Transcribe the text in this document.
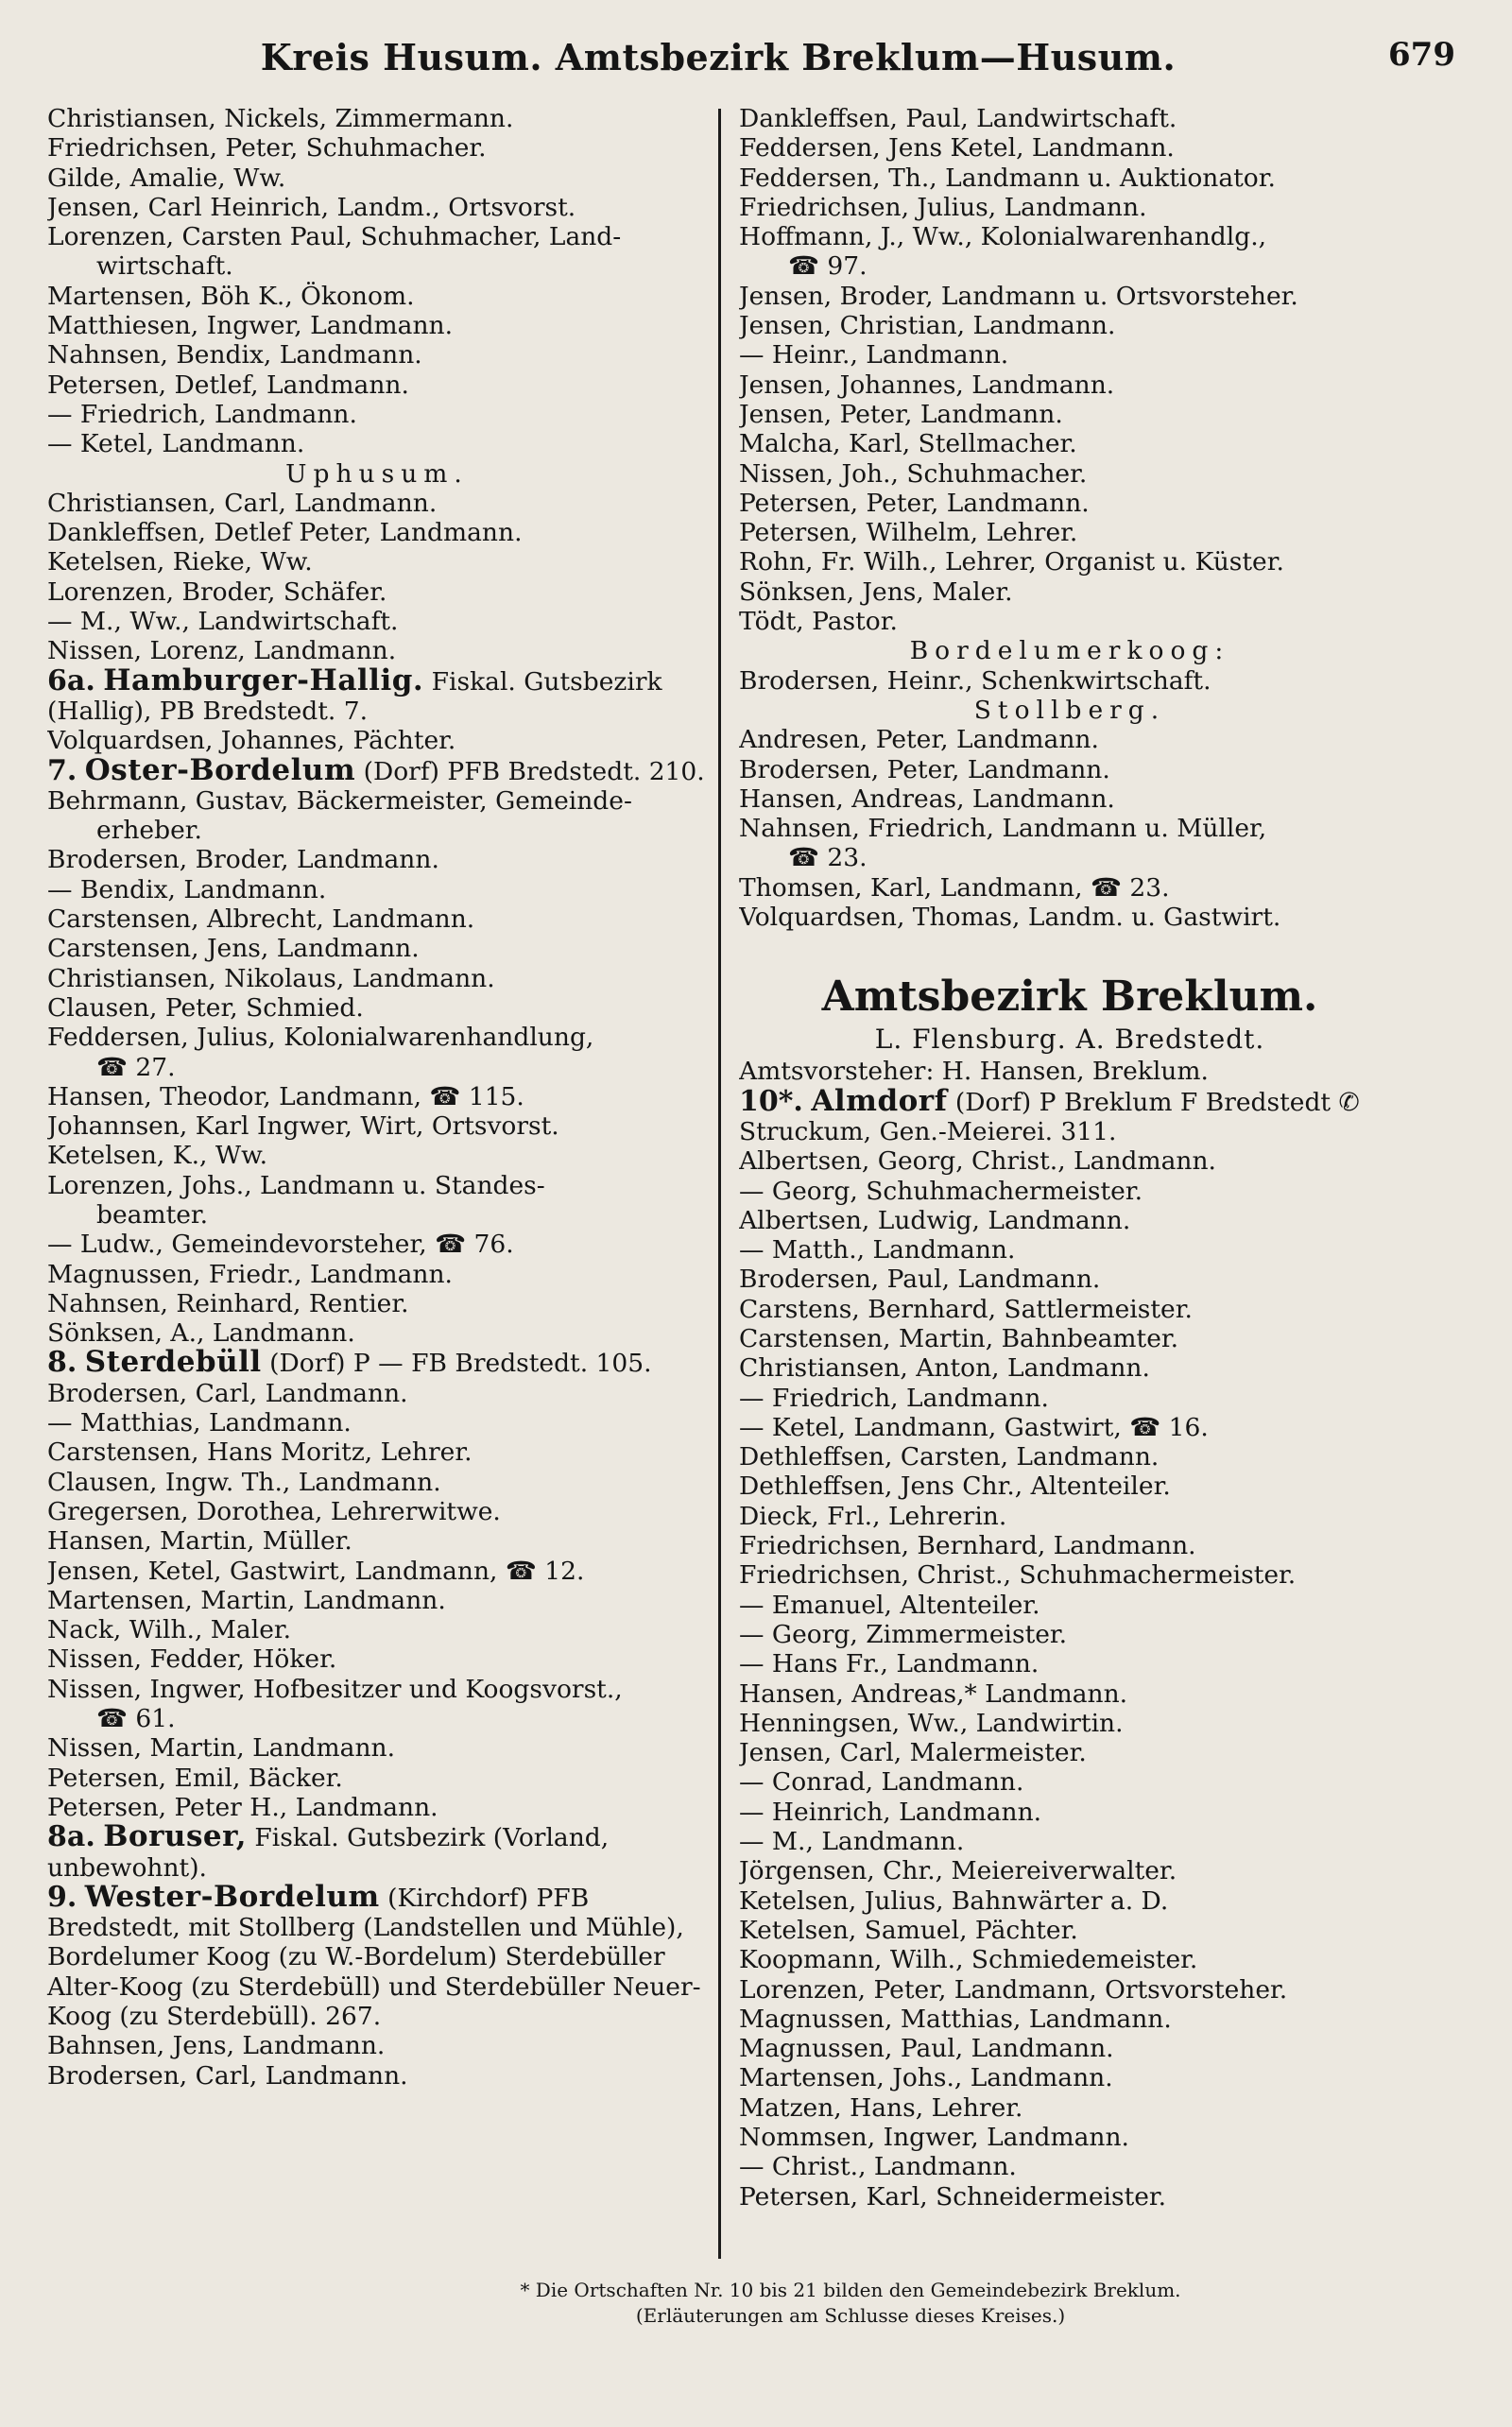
Kreis Husum. Amtsbezirk Breklum—Husum.	679
Christiansen, Nickels, Zimmermann.
Friedrichsen, Peter, Schuhmacher.
Gilde, Amalie, Ww.
Jensen, Carl Heinrich, Landm., Ortsvorst.
Lorenzen, Carsten Paul, Schuhmacher, Land-
wirtschaft.
Martensen, Böh K., Ökonom.
Matthiesen, Ingwer, Landmann.
Nahnsen, Bendix, Landmann.
Petersen, Detlef, Landmann.
— Friedrich, Landmann.
— Ketel, Landmann.
Uphusum.
Christiansen, Carl, Landmann.
Dankleffsen, Detlef Peter, Landmann.
Ketelsen, Rieke, Ww.
Lorenzen, Broder, Schäfer.
— M., Ww., Landwirtschaft.
Nissen, Lorenz, Landmann.
6a. Hamburger-Hallig. Fiskal. Gutsbezirk (Hallig), PB Bredstedt. 7.
Volquardsen, Johannes, Pächter.
7. Oster-Bordelum (Dorf) PFB Bredstedt. 210.
Behrmann, Gustav, Bäckermeister, Gemeinde-
erheber.
Brodersen, Broder, Landmann.
— Bendix, Landmann.
Carstensen, Albrecht, Landmann.
Carstensen, Jens, Landmann.
Christiansen, Nikolaus, Landmann.
Clausen, Peter, Schmied.
Feddersen, Julius, Kolonialwarenhandlung,
☎ 27.
Hansen, Theodor, Landmann, ☎ 115.
Johannsen, Karl Ingwer, Wirt, Ortsvorst.
Ketelsen, K., Ww.
Lorenzen, Johs., Landmann u. Standes-
beamter.
— Ludw., Gemeindevorsteher, ☎ 76.
Magnussen, Friedr., Landmann.
Nahnsen, Reinhard, Rentier.
Sönksen, A., Landmann.
8. Sterdebüll (Dorf) P — FB Bredstedt. 105.
Brodersen, Carl, Landmann.
— Matthias, Landmann.
Carstensen, Hans Moritz, Lehrer.
Clausen, Ingw. Th., Landmann.
Gregersen, Dorothea, Lehrerwitwe.
Hansen, Martin, Müller.
Jensen, Ketel, Gastwirt, Landmann, ☎ 12.
Martensen, Martin, Landmann.
Nack, Wilh., Maler.
Nissen, Fedder, Höker.
Nissen, Ingwer, Hofbesitzer und Koogsvorst.,
☎ 61.
Nissen, Martin, Landmann.
Petersen, Emil, Bäcker.
Petersen, Peter H., Landmann.
8a. Boruser, Fiskal. Gutsbezirk (Vorland, unbewohnt).
9. Wester-Bordelum (Kirchdorf) PFB Bredstedt, mit Stollberg (Landstellen und Mühle), Bordelumer Koog (zu W.-Bordelum) Sterdebüller Alter-Koog (zu Sterdebüll) und Sterdebüller Neuer-Koog (zu Sterdebüll). 267.
Bahnsen, Jens, Landmann.
Brodersen, Carl, Landmann.
Dankleffsen, Paul, Landwirtschaft.
Feddersen, Jens Ketel, Landmann.
Feddersen, Th., Landmann u. Auktionator.
Friedrichsen, Julius, Landmann.
Hoffmann, J., Ww., Kolonialwarenhandlg.,
☎ 97.
Jensen, Broder, Landmann u. Ortsvorsteher.
Jensen, Christian, Landmann.
— Heinr., Landmann.
Jensen, Johannes, Landmann.
Jensen, Peter, Landmann.
Malcha, Karl, Stellmacher.
Nissen, Joh., Schuhmacher.
Petersen, Peter, Landmann.
Petersen, Wilhelm, Lehrer.
Rohn, Fr. Wilh., Lehrer, Organist u. Küster.
Sönksen, Jens, Maler.
Tödt, Pastor.
Bordelumerkoog:
Brodersen, Heinr., Schenkwirtschaft.
Stollberg.
Andresen, Peter, Landmann.
Brodersen, Peter, Landmann.
Hansen, Andreas, Landmann.
Nahnsen, Friedrich, Landmann u. Müller,
☎ 23.
Thomsen, Karl, Landmann, ☎ 23.
Volquardsen, Thomas, Landm. u. Gastwirt.
Amtsbezirk Breklum.
L. Flensburg. A. Bredstedt.
Amtsvorsteher: H. Hansen, Breklum.
10*. Almdorf (Dorf) P Breklum F Bredstedt ✆ Struckum, Gen.-Meierei. 311.
Albertsen, Georg, Christ., Landmann.
— Georg, Schuhmachermeister.
Albertsen, Ludwig, Landmann.
— Matth., Landmann.
Brodersen, Paul, Landmann.
Carstens, Bernhard, Sattlermeister.
Carstensen, Martin, Bahnbeamter.
Christiansen, Anton, Landmann.
— Friedrich, Landmann.
— Ketel, Landmann, Gastwirt, ☎ 16.
Dethleffsen, Carsten, Landmann.
Dethleffsen, Jens Chr., Altenteiler.
Dieck, Frl., Lehrerin.
Friedrichsen, Bernhard, Landmann.
Friedrichsen, Christ., Schuhmachermeister.
— Emanuel, Altenteiler.
— Georg, Zimmermeister.
— Hans Fr., Landmann.
Hansen, Andreas,* Landmann.
Henningsen, Ww., Landwirtin.
Jensen, Carl, Malermeister.
— Conrad, Landmann.
— Heinrich, Landmann.
— M., Landmann.
Jörgensen, Chr., Meiereiverwalter.
Ketelsen, Julius, Bahnwärter a. D.
Ketelsen, Samuel, Pächter.
Koopmann, Wilh., Schmiedemeister.
Lorenzen, Peter, Landmann, Ortsvorsteher.
Magnussen, Matthias, Landmann.
Magnussen, Paul, Landmann.
Martensen, Johs., Landmann.
Matzen, Hans, Lehrer.
Nommsen, Ingwer, Landmann.
— Christ., Landmann.
Petersen, Karl, Schneidermeister.
* Die Ortschaften Nr. 10 bis 21 bilden den Gemeindebezirk Breklum.
(Erläuterungen am Schlusse dieses Kreises.)
